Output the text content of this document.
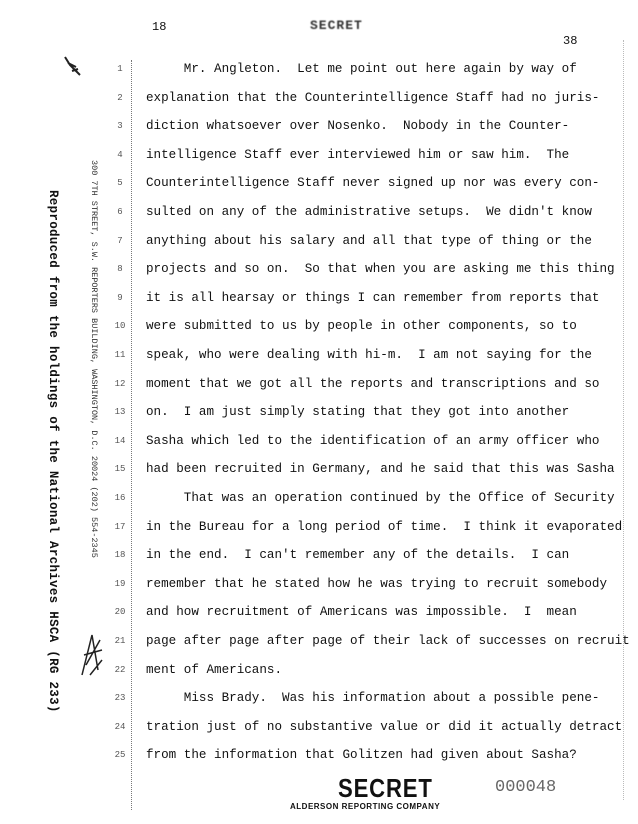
18	SECRET
38
Reproduced from the holdings of the National Archives HSCA (RG 233)	300 7TH STREET, S.W. REPORTERS BUILDING, WASHINGTON, D.C. 20024 (202) 554-2345
1	Mr. Angleton.  Let me point out here again by way of
2	explanation that the Counterintelligence Staff had no juris-
3	diction whatsoever over Nosenko.  Nobody in the Counter-
4	intelligence Staff ever interviewed him or saw him.  The
5	Counterintelligence Staff never signed up nor was every con-
6	sulted on any of the administrative setups.  We didn't know
7	anything about his salary and all that type of thing or the
8	projects and so on.  So that when you are asking me this thing
9	it is all hearsay or things I can remember from reports that
10 were submitted to us by people in other components, so to
11 speak, who were dealing with hi-m.  I am not saying for the
12 moment that we got all the reports and transcriptions and so
13 on.  I am just simply stating that they got into another
14 Sasha which led to the identification of an army officer who
15 had been recruited in Germany, and he said that this was Sasha
16 That was an operation continued by the Office of Security
17 in the Bureau for a long period of time.  I think it evaporated
18 in the end.  I can't remember any of the details.  I can
19 remember that he stated how he was trying to recruit somebody
20 and how recruitment of Americans was impossible.  I  mean
21 page after page after page of their lack of successes on recruit
22 ment of Americans.
23 Miss Brady.  Was his information about a possible pene-
24 tration just of no substantive value or did it actually detract
25 from the information that Golitzen had given about Sasha?
SECRET
ALDERSON REPORTING COMPANY
000048
